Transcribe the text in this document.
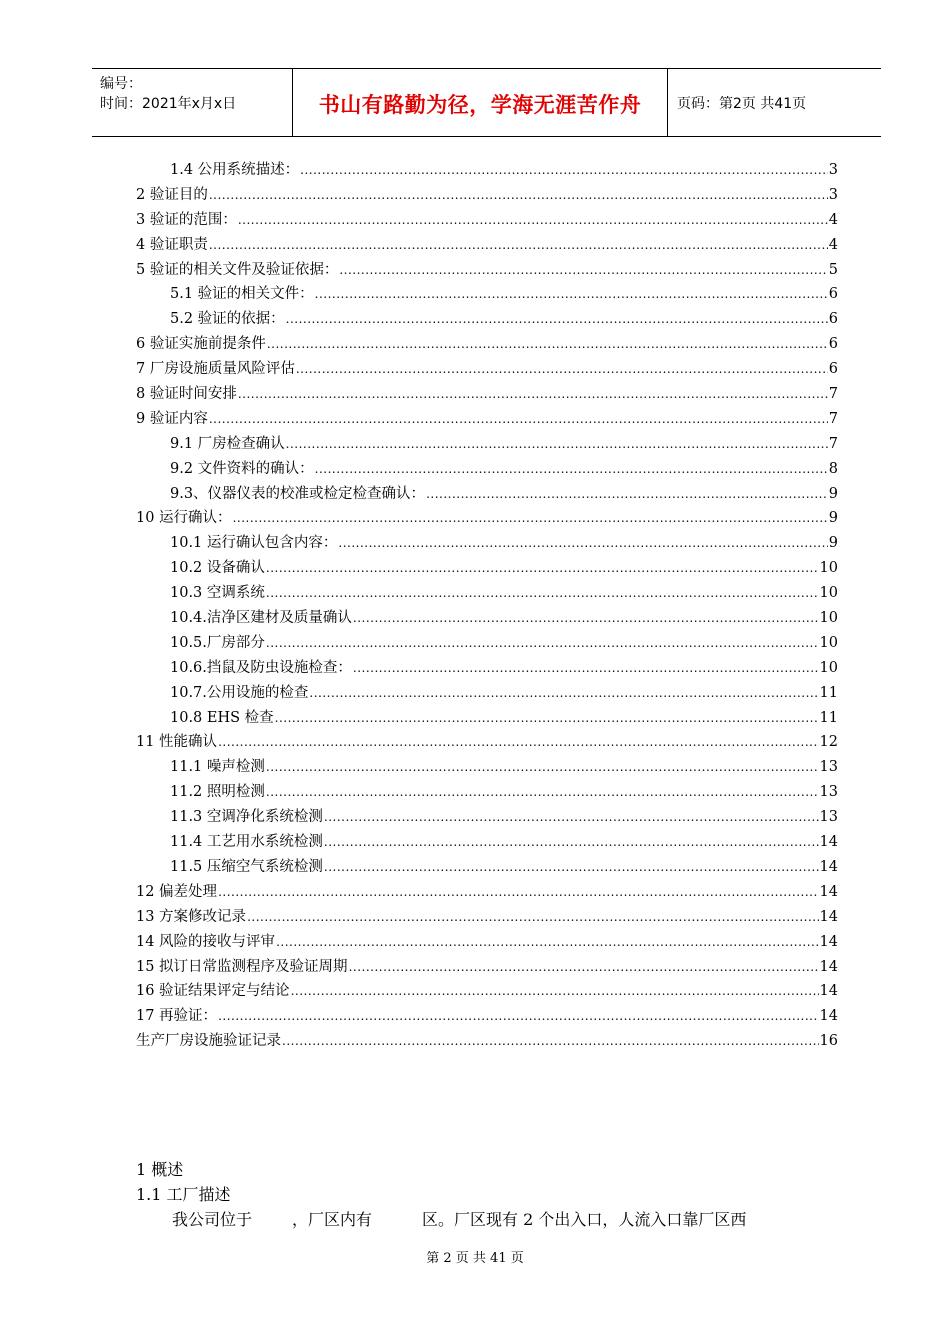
编号：
时间：2021年x月x日	书山有路勤为径，学海无涯苦作舟	页码：第2页 共41页
1.4 公用系统描述： .....	3
2 验证目的 .....	3
3 验证的范围： .....	4
4 验证职责 .....	4
5 验证的相关文件及验证依据： .....	5
5.1 验证的相关文件： .....	6
5.2 验证的依据： .....	6
6 验证实施前提条件 .....	6
7 厂房设施质量风险评估 .....	6
8 验证时间安排 .....	7
9 验证内容 .....	7
9.1 厂房检查确认 .....	7
9.2 文件资料的确认： .....	8
9.3、仪器仪表的校准或检定检查确认： .....	9
10 运行确认： .....	9
10.1 运行确认包含内容： .....	9
10.2 设备确认 .....	10
10.3 空调系统 .....	10
10.4.洁净区建材及质量确认 .....	10
10.5.厂房部分 .....	10
10.6.挡鼠及防虫设施检查： .....	10
10.7.公用设施的检查 .....	11
10.8 EHS 检查 .....	11
11 性能确认 .....	12
11.1 噪声检测 .....	13
11.2 照明检测 .....	13
11.3 空调净化系统检测 .....	13
11.4 工艺用水系统检测 .....	14
11.5 压缩空气系统检测 .....	14
12 偏差处理 .....	14
13 方案修改记录 .....	14
14 风险的接收与评审 .....	14
15 拟订日常监测程序及验证周期 .....	14
16 验证结果评定与结论 .....	14
17 再验证： .....	14
生产厂房设施验证记录 .....	16
1 概述
1.1 工厂描述
我公司位于	，厂区内有	区。厂区现有 2 个出入口，人流入口靠厂区西
第 2 页 共 41 页
